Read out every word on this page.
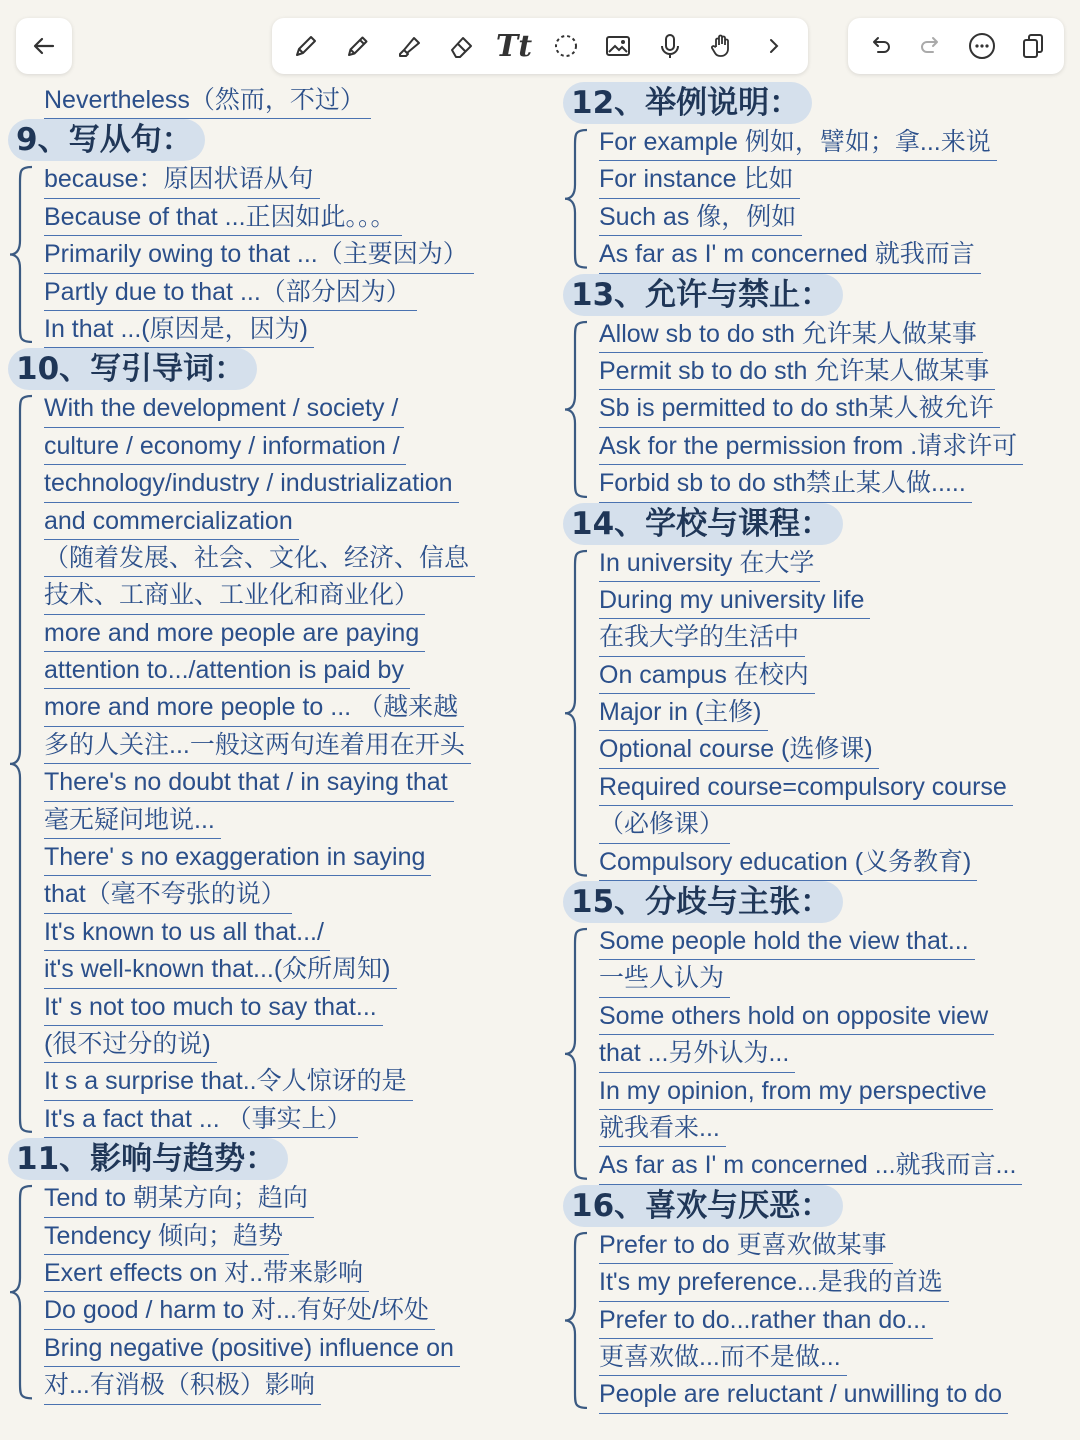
Tt
Nevertheless（然而，不过）
9、写从句：
because：原因状语从句
Because of that ...正因如此。。。
Primarily owing to that ...（主要因为）
Partly due to that ...（部分因为）
In that ...(原因是，因为)
10、写引导词：
With the development / society /
culture / economy / information /
technology/industry / industrialization
and commercialization
（随着发展、社会、文化、经济、信息
技术、工商业、工业化和商业化）
more and more people are paying
attention to.../attention is paid by
more and more people to ... （越来越
多的人关注...一般这两句连着用在开头
There's no doubt that / in saying that
毫无疑问地说...
There' s no exaggeration in saying
that（毫不夸张的说）
It's known to us all that.../
it's well-known that...(众所周知)
It' s not too much to say that...
(很不过分的说)
It s a surprise that..令人惊讶的是
It's a fact that ... （事实上）
11、影响与趋势：
Tend to 朝某方向；趋向
Tendency 倾向；趋势
Exert effects on 对..带来影响
Do good / harm to 对...有好处/坏处
Bring negative (positive) influence on
对...有消极（积极）影响
12、举例说明：
For example 例如，譬如；拿...来说
For instance 比如
Such as 像，例如
As far as I' m concerned 就我而言
13、允许与禁止：
Allow sb to do sth 允许某人做某事
Permit sb to do sth 允许某人做某事
Sb is permitted to do sth某人被允许
Ask for the permission from .请求许可
Forbid sb to do sth禁止某人做.....
14、学校与课程：
In university 在大学
During my university life
在我大学的生活中
On campus 在校内
Major in (主修)
Optional course (选修课)
Required course=compulsory course
（必修课）
Compulsory education (义务教育)
15、分歧与主张：
Some people hold the view that...
一些人认为
Some others hold on opposite view
that ...另外认为...
In my opinion, from my perspective
就我看来...
As far as I' m concerned ...就我而言...
16、喜欢与厌恶：
Prefer to do 更喜欢做某事
It's my preference...是我的首选
Prefer to do...rather than do...
更喜欢做...而不是做...
People are reluctant / unwilling to do
